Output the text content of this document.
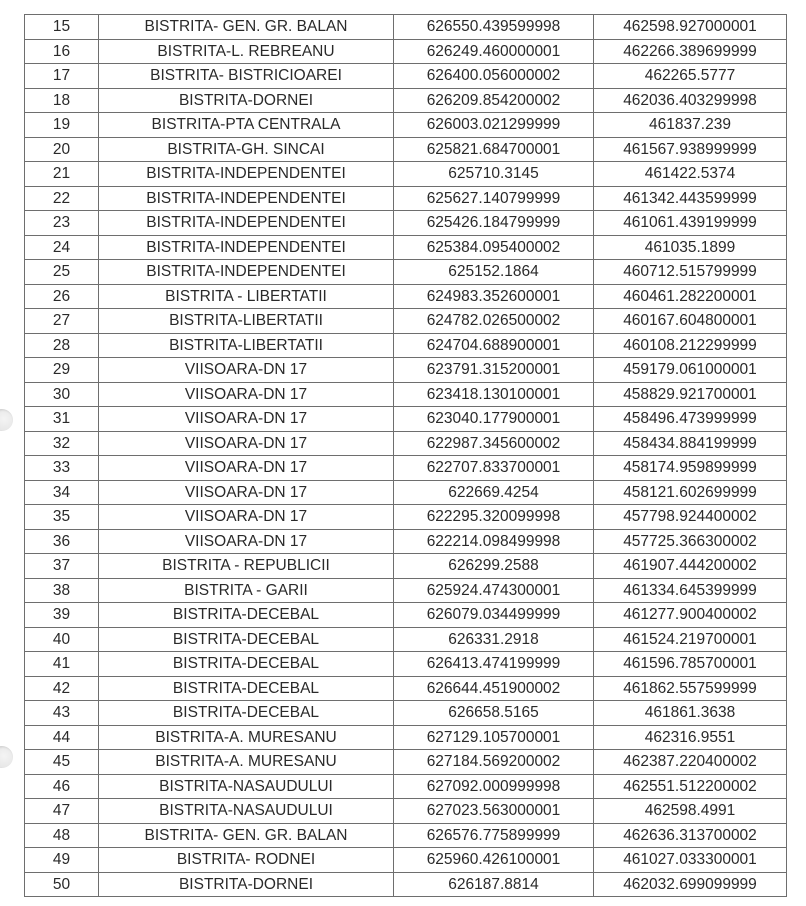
15	BISTRITA- GEN. GR. BALAN	626550.439599998	462598.927000001
16	BISTRITA-L. REBREANU	626249.460000001	462266.389699999
17	BISTRITA- BISTRICIOAREI	626400.056000002	462265.5777
18	BISTRITA-DORNEI	626209.854200002	462036.403299998
19	BISTRITA-PTA CENTRALA	626003.021299999	461837.239
20	BISTRITA-GH. SINCAI	625821.684700001	461567.938999999
21	BISTRITA-INDEPENDENTEI	625710.3145	461422.5374
22	BISTRITA-INDEPENDENTEI	625627.140799999	461342.443599999
23	BISTRITA-INDEPENDENTEI	625426.184799999	461061.439199999
24	BISTRITA-INDEPENDENTEI	625384.095400002	461035.1899
25	BISTRITA-INDEPENDENTEI	625152.1864	460712.515799999
26	BISTRITA - LIBERTATII	624983.352600001	460461.282200001
27	BISTRITA-LIBERTATII	624782.026500002	460167.604800001
28	BISTRITA-LIBERTATII	624704.688900001	460108.212299999
29	VIISOARA-DN 17	623791.315200001	459179.061000001
30	VIISOARA-DN 17	623418.130100001	458829.921700001
31	VIISOARA-DN 17	623040.177900001	458496.473999999
32	VIISOARA-DN 17	622987.345600002	458434.884199999
33	VIISOARA-DN 17	622707.833700001	458174.959899999
34	VIISOARA-DN 17	622669.4254	458121.602699999
35	VIISOARA-DN 17	622295.320099998	457798.924400002
36	VIISOARA-DN 17	622214.098499998	457725.366300002
37	BISTRITA - REPUBLICII	626299.2588	461907.444200002
38	BISTRITA - GARII	625924.474300001	461334.645399999
39	BISTRITA-DECEBAL	626079.034499999	461277.900400002
40	BISTRITA-DECEBAL	626331.2918	461524.219700001
41	BISTRITA-DECEBAL	626413.474199999	461596.785700001
42	BISTRITA-DECEBAL	626644.451900002	461862.557599999
43	BISTRITA-DECEBAL	626658.5165	461861.3638
44	BISTRITA-A. MURESANU	627129.105700001	462316.9551
45	BISTRITA-A. MURESANU	627184.569200002	462387.220400002
46	BISTRITA-NASAUDULUI	627092.000999998	462551.512200002
47	BISTRITA-NASAUDULUI	627023.563000001	462598.4991
48	BISTRITA- GEN. GR. BALAN	626576.775899999	462636.313700002
49	BISTRITA- RODNEI	625960.426100001	461027.033300001
50	BISTRITA-DORNEI	626187.8814	462032.699099999
